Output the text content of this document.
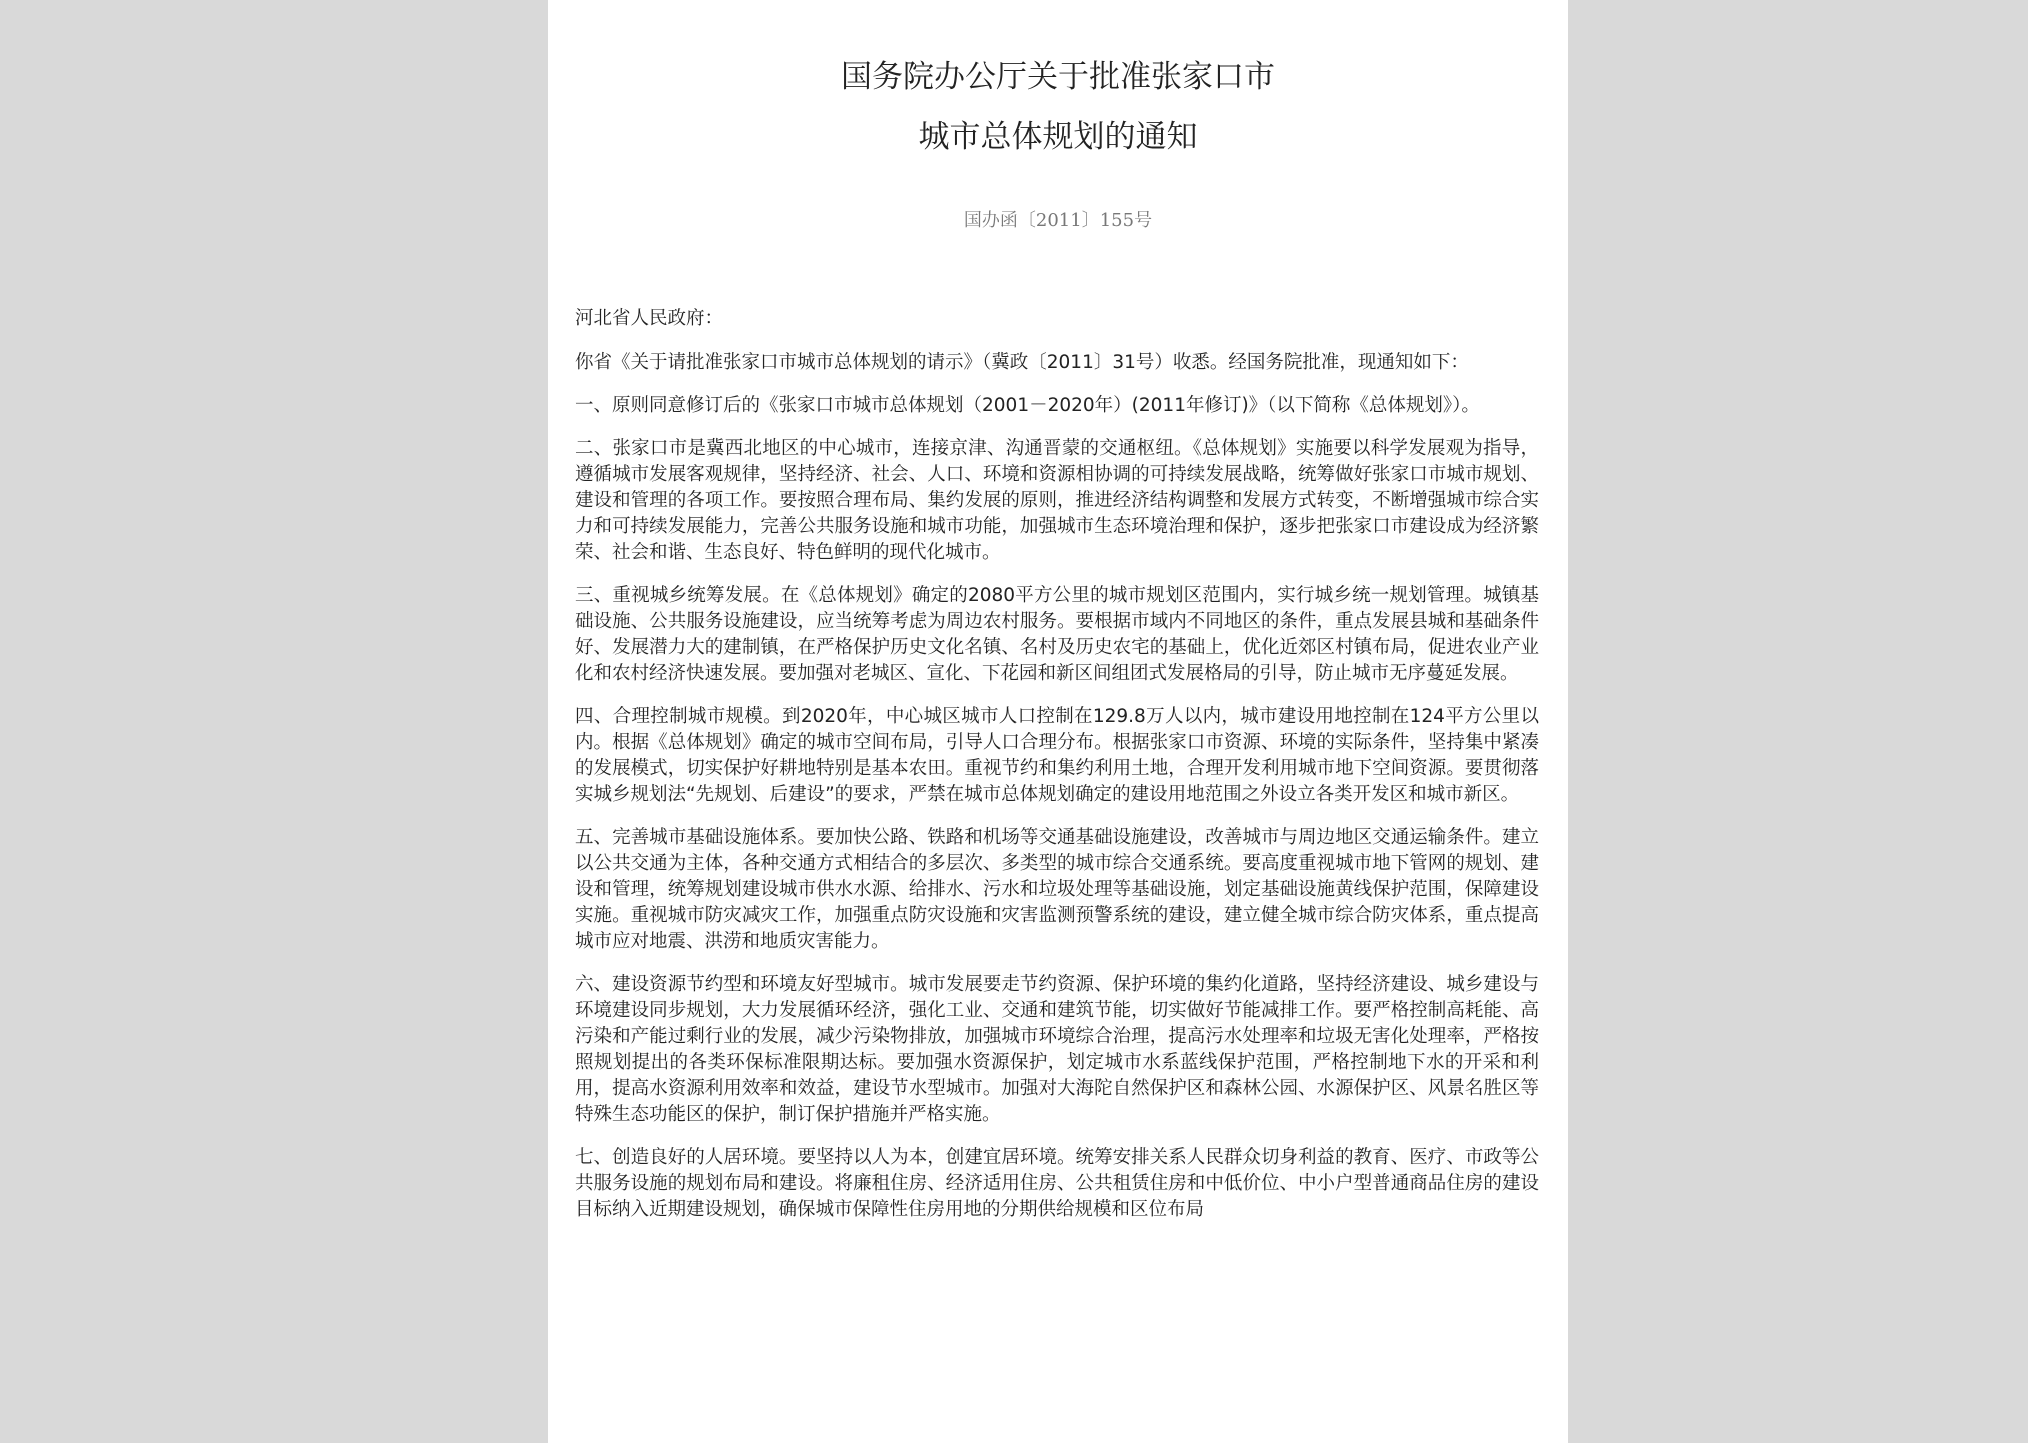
国务院办公厅关于批准张家口市
城市总体规划的通知
国办函〔2011〕155号

河北省人民政府：

你省《关于请批准张家口市城市总体规划的请示》（冀政〔2011〕31号）收悉。经国务院批准，现通知如下：

一、原则同意修订后的《张家口市城市总体规划（2001－2020年）(2011年修订)》（以下简称《总体规划》）。

二、张家口市是冀西北地区的中心城市，连接京津、沟通晋蒙的交通枢纽。《总体规划》实施要以科学发展观为指导，遵循城市发展客观规律，坚持经济、社会、人口、环境和资源相协调的可持续发展战略，统筹做好张家口市城市规划、建设和管理的各项工作。要按照合理布局、集约发展的原则，推进经济结构调整和发展方式转变，不断增强城市综合实力和可持续发展能力，完善公共服务设施和城市功能，加强城市生态环境治理和保护，逐步把张家口市建设成为经济繁荣、社会和谐、生态良好、特色鲜明的现代化城市。

三、重视城乡统筹发展。在《总体规划》确定的2080平方公里的城市规划区范围内，实行城乡统一规划管理。城镇基础设施、公共服务设施建设，应当统筹考虑为周边农村服务。要根据市域内不同地区的条件，重点发展县城和基础条件好、发展潜力大的建制镇，在严格保护历史文化名镇、名村及历史农宅的基础上，优化近郊区村镇布局，促进农业产业化和农村经济快速发展。要加强对老城区、宣化、下花园和新区间组团式发展格局的引导，防止城市无序蔓延发展。

四、合理控制城市规模。到2020年，中心城区城市人口控制在129.8万人以内，城市建设用地控制在124平方公里以内。根据《总体规划》确定的城市空间布局，引导人口合理分布。根据张家口市资源、环境的实际条件，坚持集中紧凑的发展模式，切实保护好耕地特别是基本农田。重视节约和集约利用土地，合理开发利用城市地下空间资源。要贯彻落实城乡规划法“先规划、后建设”的要求，严禁在城市总体规划确定的建设用地范围之外设立各类开发区和城市新区。

五、完善城市基础设施体系。要加快公路、铁路和机场等交通基础设施建设，改善城市与周边地区交通运输条件。建立以公共交通为主体，各种交通方式相结合的多层次、多类型的城市综合交通系统。要高度重视城市地下管网的规划、建设和管理，统筹规划建设城市供水水源、给排水、污水和垃圾处理等基础设施，划定基础设施黄线保护范围，保障建设实施。重视城市防灾减灾工作，加强重点防灾设施和灾害监测预警系统的建设，建立健全城市综合防灾体系，重点提高城市应对地震、洪涝和地质灾害能力。

六、建设资源节约型和环境友好型城市。城市发展要走节约资源、保护环境的集约化道路，坚持经济建设、城乡建设与环境建设同步规划，大力发展循环经济，强化工业、交通和建筑节能，切实做好节能减排工作。要严格控制高耗能、高污染和产能过剩行业的发展，减少污染物排放，加强城市环境综合治理，提高污水处理率和垃圾无害化处理率，严格按照规划提出的各类环保标准限期达标。要加强水资源保护，划定城市水系蓝线保护范围，严格控制地下水的开采和利用，提高水资源利用效率和效益，建设节水型城市。加强对大海陀自然保护区和森林公园、水源保护区、风景名胜区等特殊生态功能区的保护，制订保护措施并严格实施。

七、创造良好的人居环境。要坚持以人为本，创建宜居环境。统筹安排关系人民群众切身利益的教育、医疗、市政等公共服务设施的规划布局和建设。将廉租住房、经济适用住房、公共租赁住房和中低价位、中小户型普通商品住房的建设目标纳入近期建设规划，确保城市保障性住房用地的分期供给规模和区位布局
